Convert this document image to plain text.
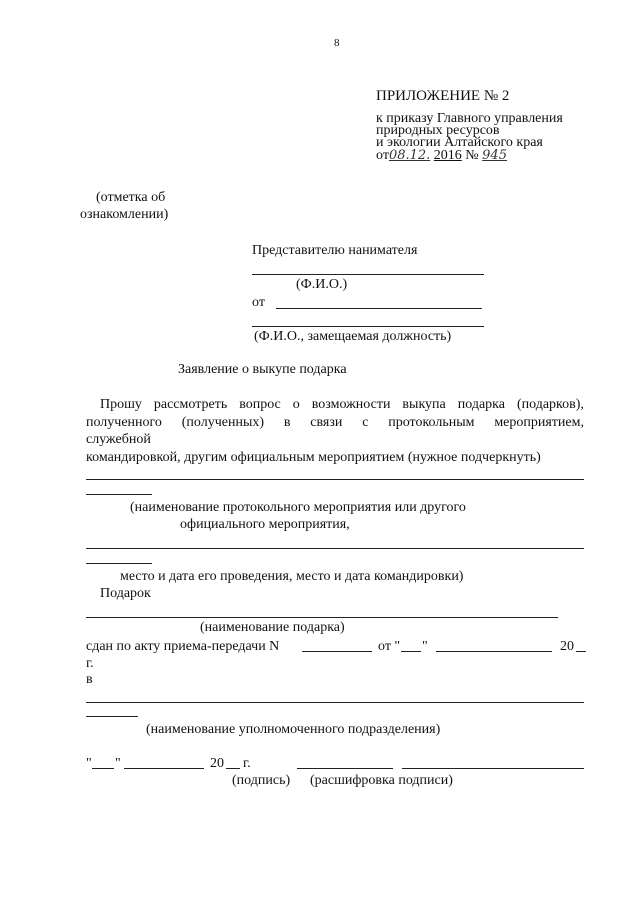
8
ПРИЛОЖЕНИЕ № 2
к приказу Главного управления
природных ресурсов
и экологии Алтайского края
от08.12. 2016 № 945
(отметка об
ознакомлении)
Представителю нанимателя
(Ф.И.О.)
от
(Ф.И.О., замещаемая должность)
Заявление о выкупе подарка
Прошу рассмотреть вопрос о возможности выкупа подарка (подарков),
полученного (полученных) в связи с протокольным мероприятием,
служебной
командировкой, другим официальным мероприятием (нужное подчеркнуть)
(наименование протокольного мероприятия или другого
официального мероприятия,
место и дата его проведения, место и дата командировки)
Подарок
(наименование подарка)
сдан по акту приема-передачи N	от " "	20
г.
в
(наименование уполномоченного подразделения)
" "	20 г.
(подпись) (расшифровка подписи)
